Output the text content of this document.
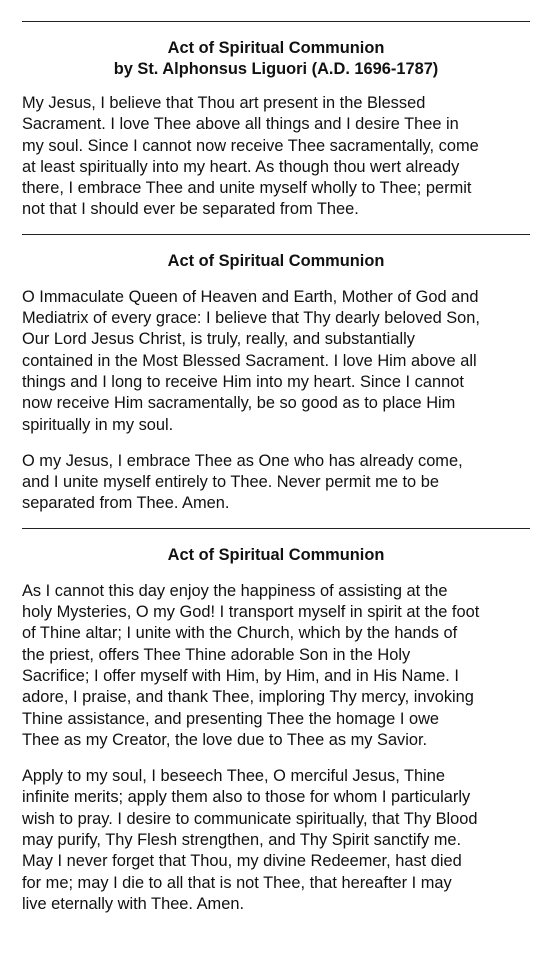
Act of Spiritual Communion
by St. Alphonsus Liguori (A.D. 1696-1787)
My Jesus, I believe that Thou art present in the Blessed
Sacrament. I love Thee above all things and I desire Thee in
my soul. Since I cannot now receive Thee sacramentally, come
at least spiritually into my heart. As though thou wert already
there, I embrace Thee and unite myself wholly to Thee; permit
not that I should ever be separated from Thee.
Act of Spiritual Communion
O Immaculate Queen of Heaven and Earth, Mother of God and
Mediatrix of every grace: I believe that Thy dearly beloved Son,
Our Lord Jesus Christ, is truly, really, and substantially
contained in the Most Blessed Sacrament. I love Him above all
things and I long to receive Him into my heart. Since I cannot
now receive Him sacramentally, be so good as to place Him
spiritually in my soul.
O my Jesus, I embrace Thee as One who has already come,
and I unite myself entirely to Thee. Never permit me to be
separated from Thee. Amen.
Act of Spiritual Communion
As I cannot this day enjoy the happiness of assisting at the
holy Mysteries, O my God! I transport myself in spirit at the foot
of Thine altar; I unite with the Church, which by the hands of
the priest, offers Thee Thine adorable Son in the Holy
Sacrifice; I offer myself with Him, by Him, and in His Name. I
adore, I praise, and thank Thee, imploring Thy mercy, invoking
Thine assistance, and presenting Thee the homage I owe
Thee as my Creator, the love due to Thee as my Savior.
Apply to my soul, I beseech Thee, O merciful Jesus, Thine
infinite merits; apply them also to those for whom I particularly
wish to pray. I desire to communicate spiritually, that Thy Blood
may purify, Thy Flesh strengthen, and Thy Spirit sanctify me.
May I never forget that Thou, my divine Redeemer, hast died
for me; may I die to all that is not Thee, that hereafter I may
live eternally with Thee. Amen.
